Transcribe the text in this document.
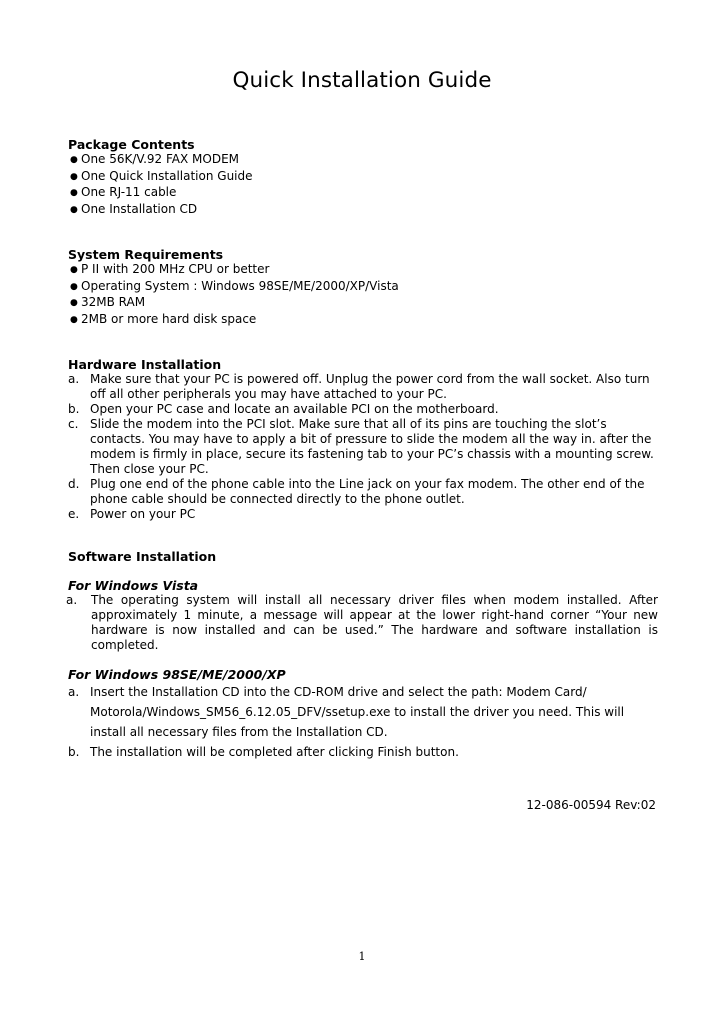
Quick Installation Guide
Package Contents
● One 56K/V.92 FAX MODEM
● One Quick Installation Guide
● One RJ-11 cable
● One Installation CD
System Requirements
● P II with 200 MHz CPU or better
● Operating System : Windows 98SE/ME/2000/XP/Vista
● 32MB RAM
● 2MB or more hard disk space
Hardware Installation
a. Make sure that your PC is powered off. Unplug the power cord from the wall socket. Also turn off all other peripherals you may have attached to your PC.
b. Open your PC case and locate an available PCI on the motherboard.
c. Slide the modem into the PCI slot. Make sure that all of its pins are touching the slot’s contacts. You may have to apply a bit of pressure to slide the modem all the way in. after the modem is firmly in place, secure its fastening tab to your PC’s chassis with a mounting screw. Then close your PC.
d. Plug one end of the phone cable into the Line jack on your fax modem. The other end of the phone cable should be connected directly to the phone outlet.
e. Power on your PC
Software Installation
For Windows Vista
a. The operating system will install all necessary driver files when modem installed. After approximately 1 minute, a message will appear at the lower right-hand corner “Your new hardware is now installed and can be used.” The hardware and software installation is completed.
For Windows 98SE/ME/2000/XP
a. Insert the Installation CD into the CD-ROM drive and select the path: Modem Card/ Motorola/Windows_SM56_6.12.05_DFV/ssetup.exe to install the driver you need. This will install all necessary files from the Installation CD.
b. The installation will be completed after clicking Finish button.
12-086-00594 Rev:02
1
